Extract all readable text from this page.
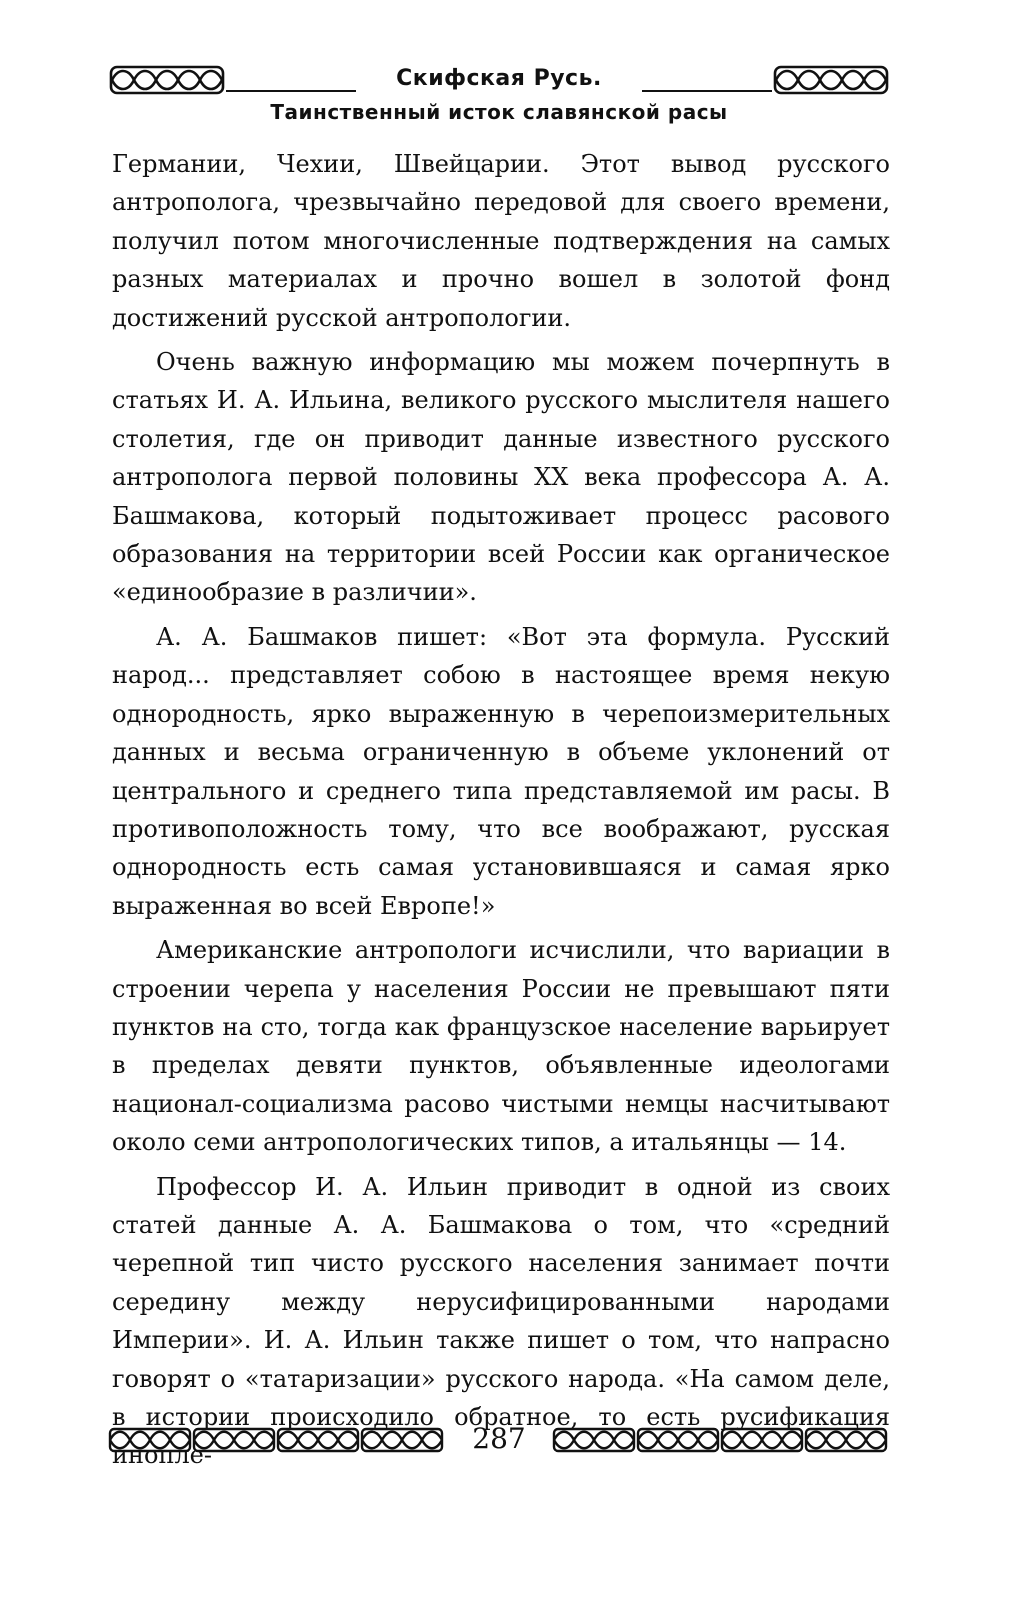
Скифская Русь.
Таинственный исток славянской расы

Германии, Чехии, Швейцарии. Этот вывод русского антрополога, чрезвычайно передовой для своего времени, получил потом многочисленные подтверждения на самых разных материалах и прочно вошел в золотой фонд достижений русской антропологии.

Очень важную информацию мы можем почерпнуть в статьях И. А. Ильина, великого русского мыслителя нашего столетия, где он приводит данные известного русского антрополога первой половины XX века профессора А. А. Башмакова, который подытоживает процесс расового образования на территории всей России как органическое «единообразие в различии».

А. А. Башмаков пишет: «Вот эта формула. Русский народ... представляет собою в настоящее время некую однородность, ярко выраженную в черепоизмерительных данных и весьма ограниченную в объеме уклонений от центрального и среднего типа представляемой им расы. В противоположность тому, что все воображают, русская однородность есть самая установившаяся и самая ярко выраженная во всей Европе!»

Американские антропологи исчислили, что вариации в строении черепа у населения России не превышают пяти пунктов на сто, тогда как французское население варьирует в пределах девяти пунктов, объявленные идеологами национал-социализма расово чистыми немцы насчитывают около семи антропологических типов, а итальянцы — 14.

Профессор И. А. Ильин приводит в одной из своих статей данные А. А. Башмакова о том, что «средний черепной тип чисто русского населения занимает почти середину между нерусифицированными народами Империи». И. А. Ильин также пишет о том, что напрасно говорят о «татаризации» русского народа. «На самом деле, в истории происходило обратное, то есть русификация инопле-

287
